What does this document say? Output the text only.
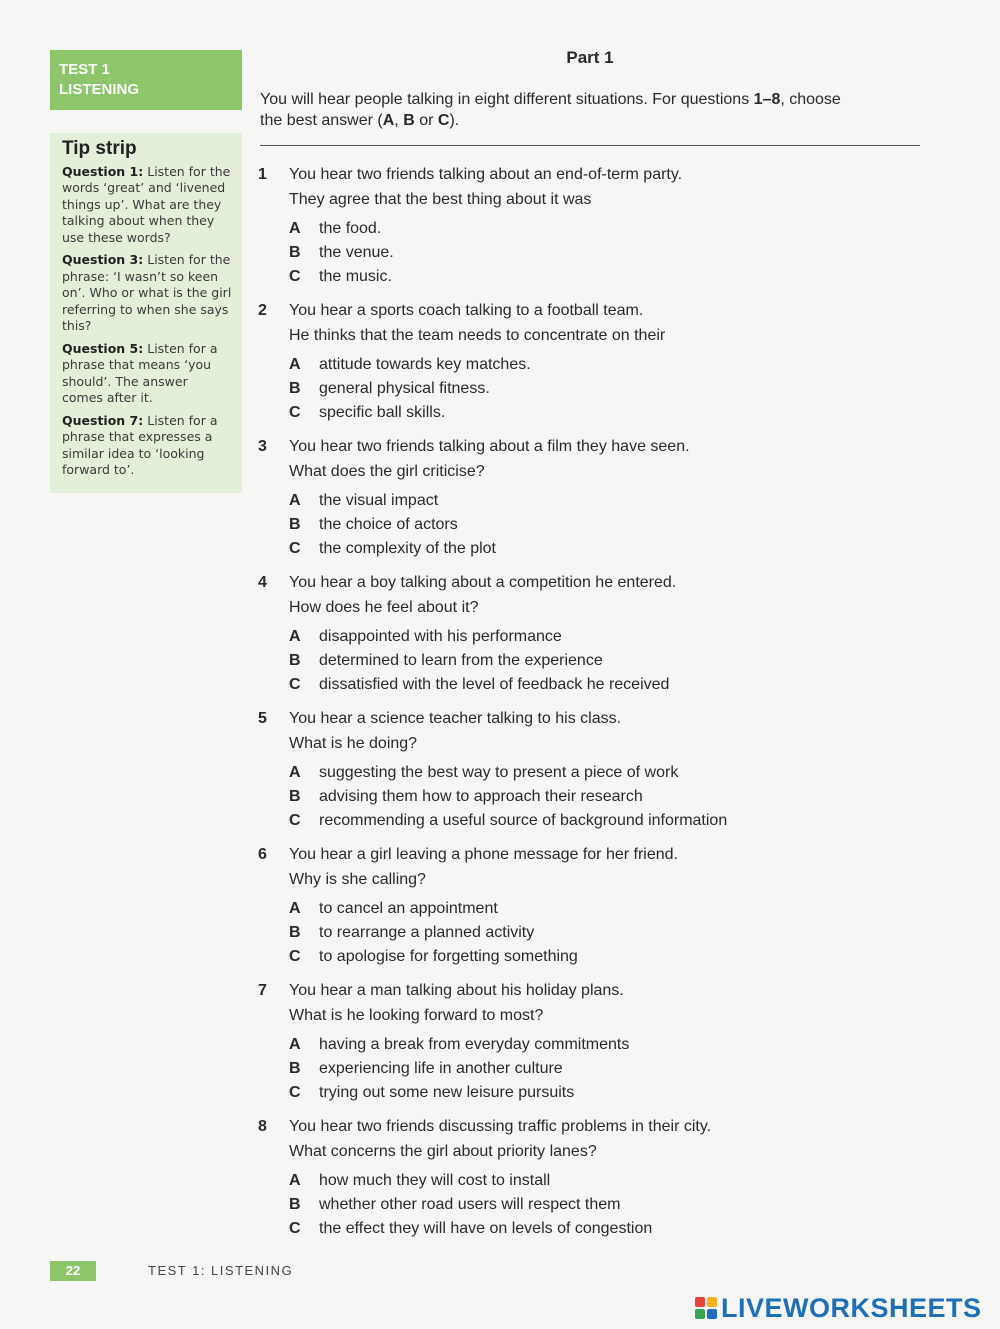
TEST 1
LISTENING
Tip strip
Question 1: Listen for the words ‘great’ and ‘livened things up’. What are they talking about when they use these words?
Question 3: Listen for the phrase: ‘I wasn’t so keen on’. Who or what is the girl referring to when she says this?
Question 5: Listen for a phrase that means ‘you should’. The answer comes after it.
Question 7: Listen for a phrase that expresses a similar idea to ‘looking forward to’.
Part 1
You will hear people talking in eight different situations. For questions 1–8, choose
the best answer (A, B or C).
1	You hear two friends talking about an end-of-term party.
They agree that the best thing about it was
A the food.
B the venue.
C the music.
2	You hear a sports coach talking to a football team.
He thinks that the team needs to concentrate on their
A attitude towards key matches.
B general physical fitness.
C specific ball skills.
3	You hear two friends talking about a film they have seen.
What does the girl criticise?
A the visual impact
B the choice of actors
C the complexity of the plot
4	You hear a boy talking about a competition he entered.
How does he feel about it?
A disappointed with his performance
B determined to learn from the experience
C dissatisfied with the level of feedback he received
5	You hear a science teacher talking to his class.
What is he doing?
A suggesting the best way to present a piece of work
B advising them how to approach their research
C recommending a useful source of background information
6	You hear a girl leaving a phone message for her friend.
Why is she calling?
A to cancel an appointment
B to rearrange a planned activity
C to apologise for forgetting something
7	You hear a man talking about his holiday plans.
What is he looking forward to most?
A having a break from everyday commitments
B experiencing life in another culture
C trying out some new leisure pursuits
8	You hear two friends discussing traffic problems in their city.
What concerns the girl about priority lanes?
A how much they will cost to install
B whether other road users will respect them
C the effect they will have on levels of congestion
22	TEST 1: LISTENING
LIVEWORKSHEETS
